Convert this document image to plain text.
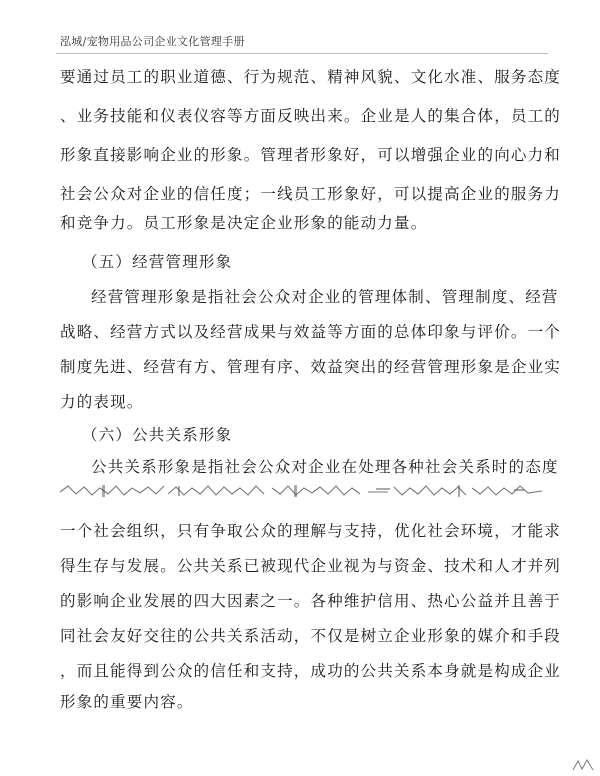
泓城/宠物用品公司企业文化管理手册
要通过员工的职业道德、行为规范、精神风貌、文化水准、服务态度
、业务技能和仪表仪容等方面反映出来。企业是人的集合体，员工的
形象直接影响企业的形象。管理者形象好，可以增强企业的向心力和
社会公众对企业的信任度；一线员工形象好，可以提高企业的服务力
和竞争力。员工形象是决定企业形象的能动力量。
（五）经营管理形象
经营管理形象是指社会公众对企业的管理体制、管理制度、经营
战略、经营方式以及经营成果与效益等方面的总体印象与评价。一个
制度先进、经营有方、管理有序、效益突出的经营管理形象是企业实
力的表现。
（六）公共关系形象
公共关系形象是指社会公众对企业在处理各种社会关系时的态度
一个社会组织，只有争取公众的理解与支持，优化社会环境，才能求
得生存与发展。公共关系已被现代企业视为与资金、技术和人才并列
的影响企业发展的四大因素之一。各种维护信用、热心公益并且善于
同社会友好交往的公共关系活动，不仅是树立企业形象的媒介和手段
，而且能得到公众的信任和支持，成功的公共关系本身就是构成企业
形象的重要内容。
